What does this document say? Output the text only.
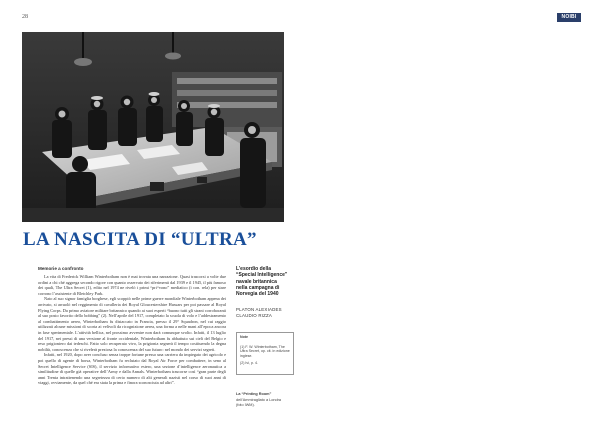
28	NOIBI
LA NASCITA DI “ULTRA”
Memorie a confronto

La vita di Frederick William Winterbotham non è mai trovata una narrazione. Quasi trascorsi a volte due ordini a chi ché aggrega secondo rigore con quanto osservato dei riferimenti dal 1939 e il 1945, il più famoso dei quali, The Ultra Secret (1), edito nel 1974 ne rivelò i primi “pri“vono” mediatico (i con. rela) per stare corrono l’assistente di Bletchley Park.

Nato al suo signor famiglia borghese, egli scoppiò nelle prime guerre mondiale Winterbotham appena dei arrivato, si arruolò nel reggimento di cavalleria dei Royal Gloucestershire Hussars per poi passare al Royal Flying Corps. Da primo aviatore militare britannico quando ai suoi esperti “buono tutti gli strani corroboranti al suo posto favorito dello bobbing” (2). Nell’aprile del 1917, completato la scuola di volo e l’addestramento al combattimento aereo, Winterbotham fu distaccato in Francia, presso il 29° Squadron, nel cui raggio utilizzati alcune missioni di scorta ai velivoli da ricognizione aerea, una forma a nelle mani all’epoca ancora in fase sperimentale. L’attività bellica, nel prossimo avvenire non darà comunque svolto. Infatti, il 13 luglio del 1917, nei pressi di una versione al fronte occidentale, Winterbotham fu abbattuto sui cieli del Belgio e reso prigioniero dai tedeschi. Fatto solo recuperato vivo, la prigionia segnerà il tempo costituendo la degna nobiltà, conoscenza che si rivelerà preziosa la conoscenza del suo futuro: nel mondo dei servizi segreti.

Infatti, nel 1920, dopo aver concluso senza troppe fortune presso una carriera da impiegato dei agricolo e poi quello di agente di borsa, Winterbotham fu reclutato dal Royal Air Force per combattere, in seno al Secret Intelligence Service (SIS), il servizio informativo estero, una sezione d’intelligence aeronautica a similitudine di quelle già operative dell’Army e dalla Annals. Winterbotham trascorse così “gran parte degli anni Trenta intrattenendo una segretezza di certo numero di alti generali nazisti nel corso di suoi anni di viaggi, ovviamente, da quel ché era stata la prima e finora sconosciuta ad altri”.

L’esordio della
“Special Intelligence”
navale britannica
nella campagna di
Norvegia del 1940
PLATON ALEXIADES
CLAUDIO RIZZA
Note
(1) F. W. Winterbotham, The Ultra Secret, op. cit. in edizione inglese.
(2) Ivi, p. 4.
La “Printing Room”
dell’Ammiragliato a Londra
(foto IWM).
